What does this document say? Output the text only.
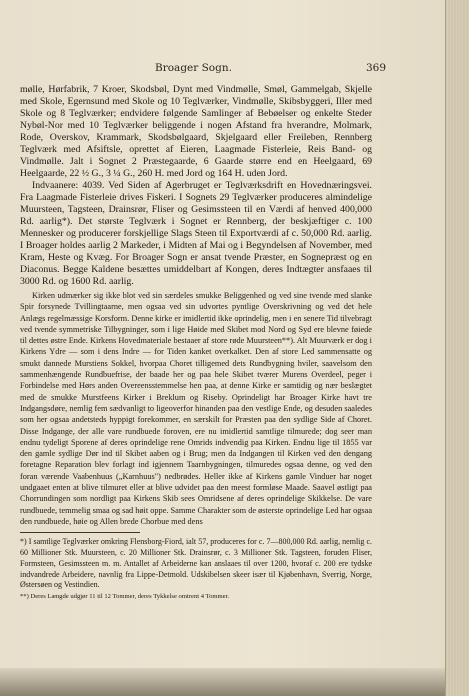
Broager Sogn.	369

mølle, Hørfabrik, 7 Kroer, Skodsbøl, Dynt med Vindmølle, Smøl, Gammelgab, Skjelle med Skole, Egernsund med Skole og 10 Teglværker, Vindmølle, Skibsbyggeri, Iller med Skole og 8 Teglværker; endvidere følgende Samlinger af Bebøelser og enkelte Steder Nybøl-Nor med 10 Teglværker beliggende i nogen Afstand fra hverandre, Molmark, Rode, Overskov, Krammark, Skodsbølgaard, Skjelgaard eller Freileben, Rennberg Teglværk med Afsiftsle, oprettet af Eieren, Laagmade Fisterleie, Reis Band- og Vindmølle. Jalt i Sognet 2 Præstegaarde, 6 Gaarde større end en Heelgaard, 69 Heelgaarde, 22 ½ G., 3 ¼ G., 260 H. med Jord og 164 H. uden Jord.

Indvaanere: 4039. Ved Siden af Agerbruget er Teglværksdrift en Hovednæringsvei. Fra Laagmade Fisterleie drives Fiskeri. I Sognets 29 Teglværker produceres almindelige Muursteen, Tagsteen, Drainsrør, Fliser og Gesimssteen til en Værdi af henved 400,000 Rd. aarlig*). Det største Teglværk i Sognet er Rennberg, der beskjæftiger c. 100 Mennesker og producerer forskjellige Slags Steen til Exportværdi af c. 50,000 Rd. aarlig. I Broager holdes aarlig 2 Markeder, i Midten af Mai og i Begyndelsen af November, med Kram, Heste og Kvæg. For Broager Sogn er ansat tvende Præster, en Sognepræst og en Diaconus. Begge Kaldene besættes umiddelbart af Kongen, deres Indtægter ansfaaes til 3000 Rd. og 1600 Rd. aarlig.

Kirken udmærker sig ikke blot ved sin særdeles smukke Beliggenhed og ved sine tvende med slanke Spir forsynede Tvillingtaarne, men ogsaa ved sin udvortes pyntlige Overskrivning og ved det hele Anlægs regelmæssige Korsform. Denne kirke er imidlertid ikke oprindelig, men i en senere Tid tilvebragt ved tvende symmetriske Tilbygninger, som i lige Høide med Skibet mod Nord og Syd ere blevne føiede til dettes østre Ende. Kirkens Hovedmateriale bestaaer af store røde Muursteen**). Alt Muurværk er dog i Kirkens Ydre — som i dens Indre — for Tiden kanket overkalket. Den af store Led sammensatte og smukt dannede Murstiens Sokkel, hvorpaa Choret tilligemed dets Rundbygning hviler, saavelsom den sammenhængende Rundbuefrise, der baade her og paa hele Skibet tværer Murens Overdeel, peger i Forbindelse med Hørs anden Overeensstemmelse hen paa, at denne Kirke er samtidig og nær beslægtet med de smukke Murstfeens Kirker i Breklum og Riseby. Oprindeligt har Broager Kirke havt tre Indgangsdøre, nemlig fem sædvanligt to ligeoverfor hinanden paa den vestlige Ende, og desuden saaledes som her ogsaa andetsteds hyppigt forekommer, en særskilt for Præsten paa den sydlige Side af Choret. Disse Indgange, der alle vare rundbuede foroven, ere nu imidlertid samtlige tilmurede; dog seer man endnu tydeligt Sporene af deres oprindelige rene Omrids indvendig paa Kirken. Endnu lige til 1855 var den gamle sydlige Dør ind til Skibet aaben og i Brug; men da Indgangen til Kirken ved den dengang foretagne Reparation blev forlagt ind igjennem Taarnbygningen, tilmuredes ogsaa denne, og ved den foran værende Vaabenhuus („Karnhuus") nedbrødes. Heller ikke af Kirkens gamle Vinduer har noget undgaaet enten at blive tilmuret eller at blive udvidet paa den meest formløse Maade. Saavel østligt paa Chorrundingen som nordligt paa Kirkens Skib sees Omridsene af deres oprindelige Skikkelse. De vare rundbuede, temmelig smaa og sad høit oppe. Samme Charakter som de østerste oprindelige Led har ogsaa den rundbuede, høie og Allen brede Chorbue med dens

*) I samtlige Teglværker omkring Flensborg-Fiord, ialt 57, produceres for c. 7—800,000 Rd. aarlig, nemlig c. 60 Millioner Stk. Muursteen, c. 20 Millioner Stk. Drainsrør, c. 3 Millioner Stk. Tagsteen, foruden Fliser, Formsteen, Gesimssteen m. m. Antallet af Arbeiderne kan anslaaes til over 1200, hvoraf c. 200 ere tydske indvandrede Arbeidere, navnlig fra Lippe-Detmold. Udskibelsen skeer især til Kjøbenhavn, Sverrig, Norge, Østersøen og Vestindien.

**) Deres Længde udgjør 11 til 12 Tommer, deres Tykkelse omtrent 4 Tommer.
